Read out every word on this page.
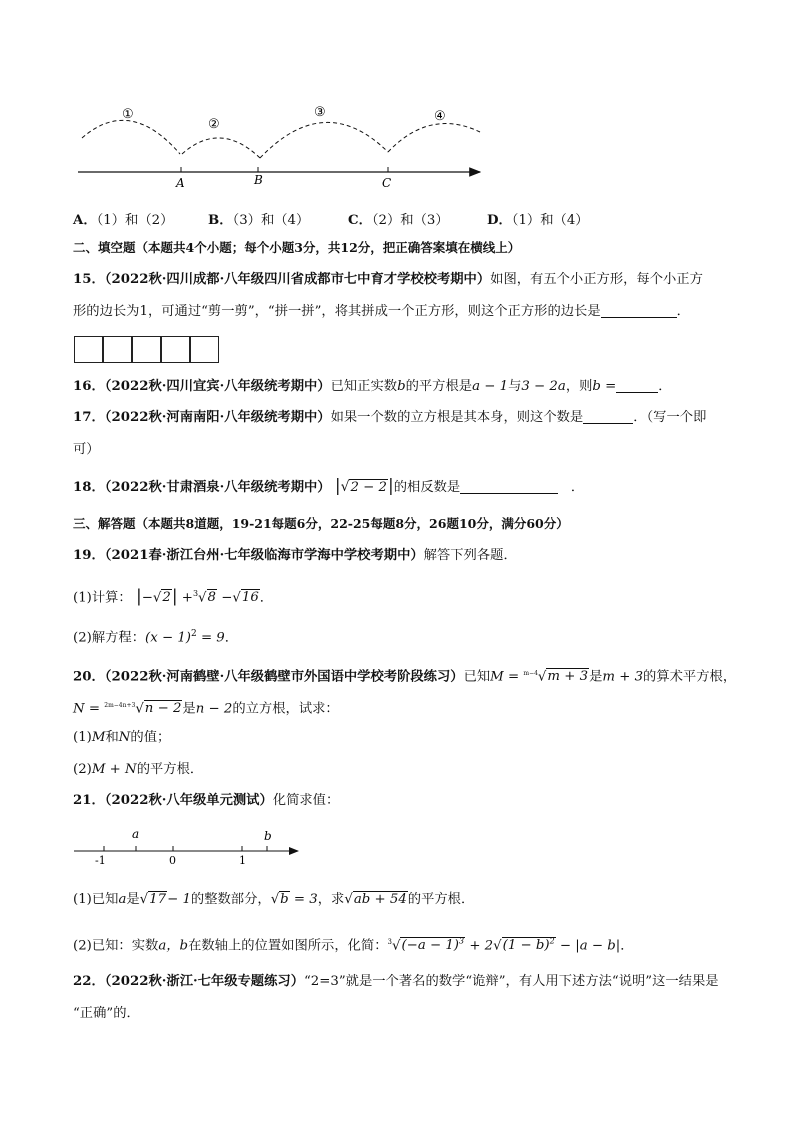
①
②
③	④
A	B	C
A．（1）和（2）	B．（3）和（4）	C．（2）和（3）	D．（1）和（4）
二、填空题（本题共4个小题；每个小题3分，共12分，把正确答案填在横线上）
15．（2022秋·四川成都·八年级四川省成都市七中育才学校校考期中）如图，有五个小正方形，每个小正方
形的边长为1，可通过“剪一剪”，“拼一拼”，将其拼成一个正方形，则这个正方形的边长是	．
16．（2022秋·四川宜宾·八年级统考期中）已知正实数b的平方根是a − 1与3 − 2a，则b =	．
17．（2022秋·河南南阳·八年级统考期中）如果一个数的立方根是其本身，则这个数是	．（写一个即
可）
18．（2022秋·甘肃酒泉·八年级统考期中） |√2 − 2|的相反数是	．
三、解答题（本题共8道题，19-21每题6分，22-25每题8分，26题10分，满分60分）
19．（2021春·浙江台州·七年级临海市学海中学校考期中）解答下列各题．
(1)计算： |−√2| +$^3$√8 −√16．
(2)解方程：$(x - 1)^2 = 9$．
20．（2022秋·河南鹤壁·八年级鹤壁市外国语中学校考阶段练习）已知M = $^{m-4}$√m + 3是m + 3的算术平方根，
N = $^{2m-4n+3}$√n − 2是n − 2的立方根，试求：
(1)M和N的值；
(2)M + N的平方根．
21．（2022秋·八年级单元测试）化简求值：
-1	0	1
a	b
(1)已知a是√17− 1的整数部分，√b = 3，求√ab + 54的平方根．
(2)已知：实数a，b在数轴上的位置如图所示，化简：$^3√(-a - 1)^3 + 2√(1 - b)^2 - |a - b|$．
22．（2022秋·浙江·七年级专题练习）“2=3”就是一个著名的数学“诡辩”，有人用下述方法“说明”这一结果是
“正确”的．
